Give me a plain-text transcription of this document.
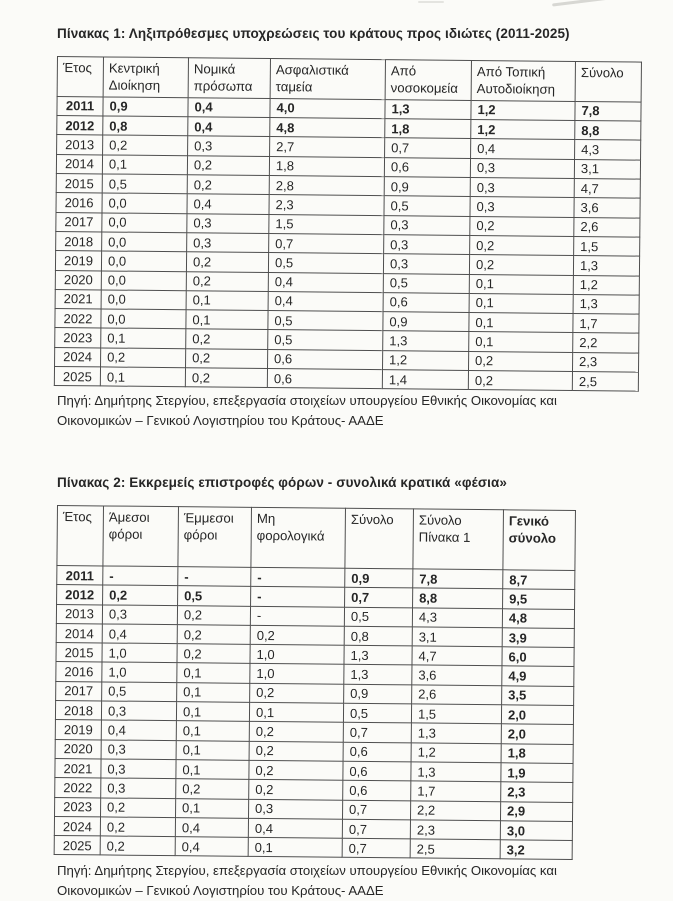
Πίνακας 1: Ληξιπρόθεσμες υποχρεώσεις του κράτους προς ιδιώτες (2011-2025)
Έτος	Κεντρική Διοίκηση	Νομικά πρόσωπα	Ασφαλιστικά ταμεία	Από νοσοκομεία	Από Τοπική Αυτοδιοίκηση	Σύνολο
2011	0,9	0,4	4,0	1,3	1,2	7,8
2012	0,8	0,4	4,8	1,8	1,2	8,8
2013	0,2	0,3	2,7	0,7	0,4	4,3
2014	0,1	0,2	1,8	0,6	0,3	3,1
2015	0,5	0,2	2,8	0,9	0,3	4,7
2016	0,0	0,4	2,3	0,5	0,3	3,6
2017	0,0	0,3	1,5	0,3	0,2	2,6
2018	0,0	0,3	0,7	0,3	0,2	1,5
2019	0,0	0,2	0,5	0,3	0,2	1,3
2020	0,0	0,2	0,4	0,5	0,1	1,2
2021	0,0	0,1	0,4	0,6	0,1	1,3
2022	0,0	0,1	0,5	0,9	0,1	1,7
2023	0,1	0,2	0,5	1,3	0,1	2,2
2024	0,2	0,2	0,6	1,2	0,2	2,3
2025	0,1	0,2	0,6	1,4	0,2	2,5

Πηγή: Δημήτρης Στεργίου, επεξεργασία στοιχείων υπουργείου Εθνικής Οικονομίας και Οικονομικών – Γενικού Λογιστηρίου του Κράτους- ΑΑΔΕ

Πίνακας 2: Εκκρεμείς επιστροφές φόρων - συνολικά κρατικά «φέσια»
Έτος	Άμεσοι φόροι	Έμμεσοι φόροι	Μη φορολογικά	Σύνολο	Σύνολο Πίνακα 1	Γενικό σύνολο
2011	-	-	-	0,9	7,8	8,7
2012	0,2	0,5	-	0,7	8,8	9,5
2013	0,3	0,2	-	0,5	4,3	4,8
2014	0,4	0,2	0,2	0,8	3,1	3,9
2015	1,0	0,2	1,0	1,3	4,7	6,0
2016	1,0	0,1	1,0	1,3	3,6	4,9
2017	0,5	0,1	0,2	0,9	2,6	3,5
2018	0,3	0,1	0,1	0,5	1,5	2,0
2019	0,4	0,1	0,2	0,7	1,3	2,0
2020	0,3	0,1	0,2	0,6	1,2	1,8
2021	0,3	0,1	0,2	0,6	1,3	1,9
2022	0,3	0,2	0,2	0,6	1,7	2,3
2023	0,2	0,1	0,3	0,7	2,2	2,9
2024	0,2	0,4	0,4	0,7	2,3	3,0
2025	0,2	0,4	0,1	0,7	2,5	3,2

Πηγή: Δημήτρης Στεργίου, επεξεργασία στοιχείων υπουργείου Εθνικής Οικονομίας και Οικονομικών – Γενικού Λογιστηρίου του Κράτους- ΑΑΔΕ
